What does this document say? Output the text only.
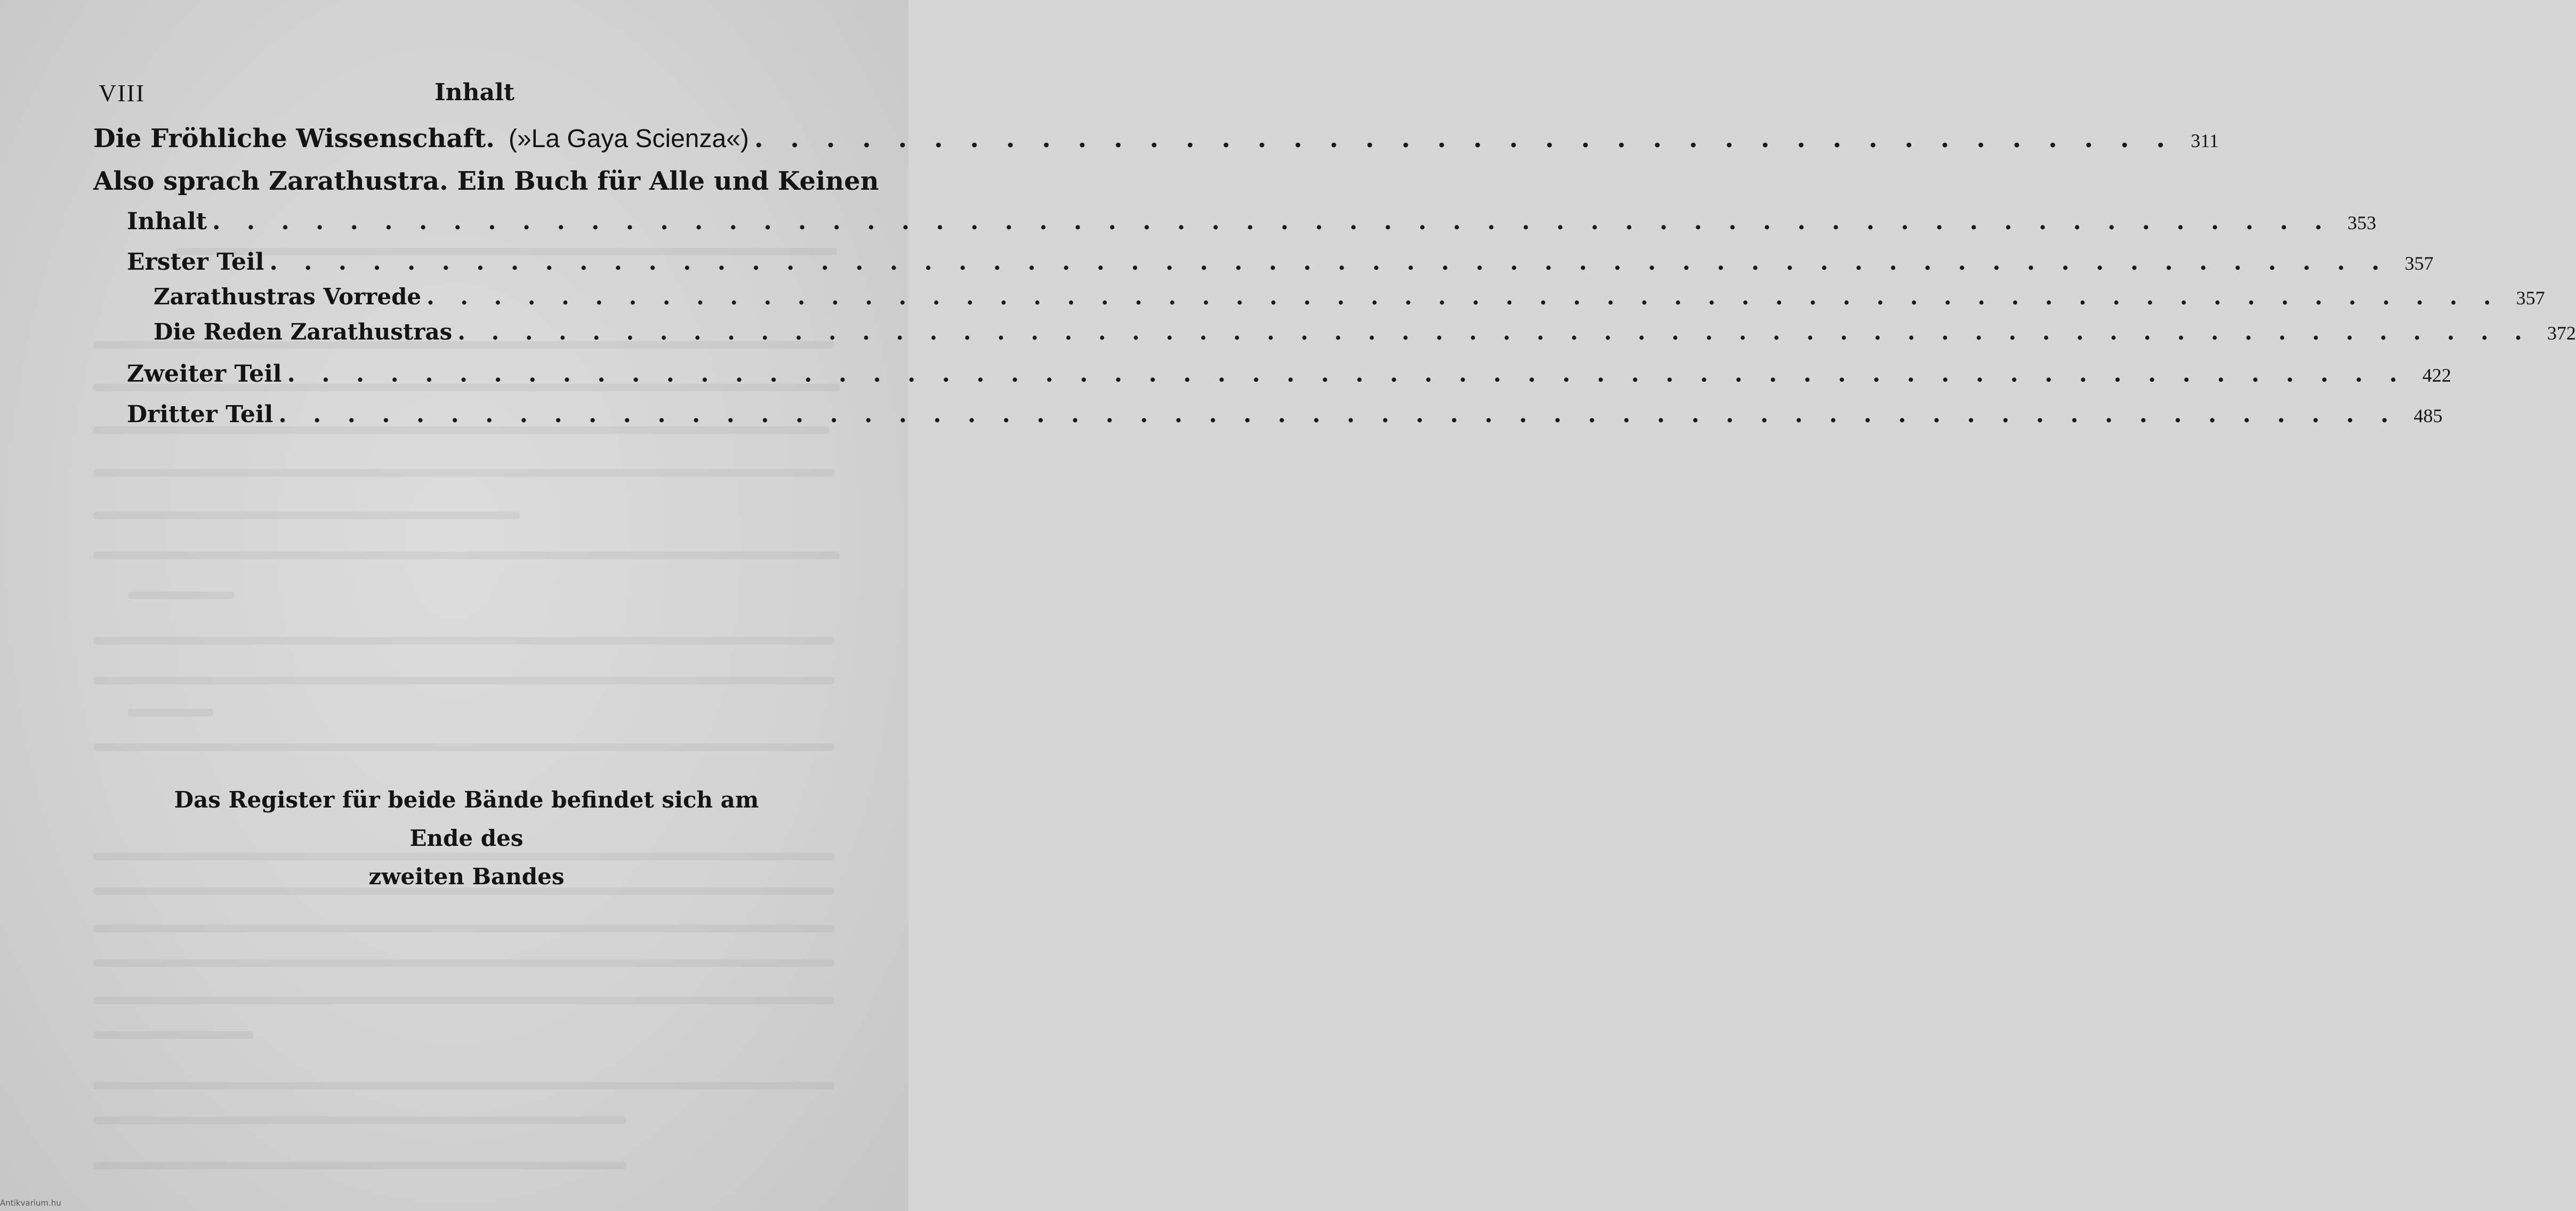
VIII	Inhalt
Die Fröhliche Wissenschaft. (»La Gaya Scienza«) . . . . . . . . . . . . . . . . . . . . . . . . . . . . . . . . . . . . . . . . 311
Also sprach Zarathustra. Ein Buch für Alle und Keinen
Inhalt . . . . . . . . . . . . . . . . . . . . . . . . . . . . . . . . . . . . . . . . . . . . . . . . . . . . . . . . . . . . . . 353
Erster Teil . . . . . . . . . . . . . . . . . . . . . . . . . . . . . . . . . . . . . . . . . . . . . . . . . . . . . . . . . . . . . . 357
Zarathustras Vorrede . . . . . . . . . . . . . . . . . . . . . . . . . . . . . . . . . . . . . . . . . . . . . . . . . . . . . . . . . . . . . . 357
Die Reden Zarathustras . . . . . . . . . . . . . . . . . . . . . . . . . . . . . . . . . . . . . . . . . . . . . . . . . . . . . . . . . . . . . . 372
Zweiter Teil . . . . . . . . . . . . . . . . . . . . . . . . . . . . . . . . . . . . . . . . . . . . . . . . . . . . . . . . . . . . . . 422
Dritter Teil . . . . . . . . . . . . . . . . . . . . . . . . . . . . . . . . . . . . . . . . . . . . . . . . . . . . . . . . . . . . . . 485
Das Register für beide Bände befindet sich am Ende des
zweiten Bandes
Antikvarium.hu
